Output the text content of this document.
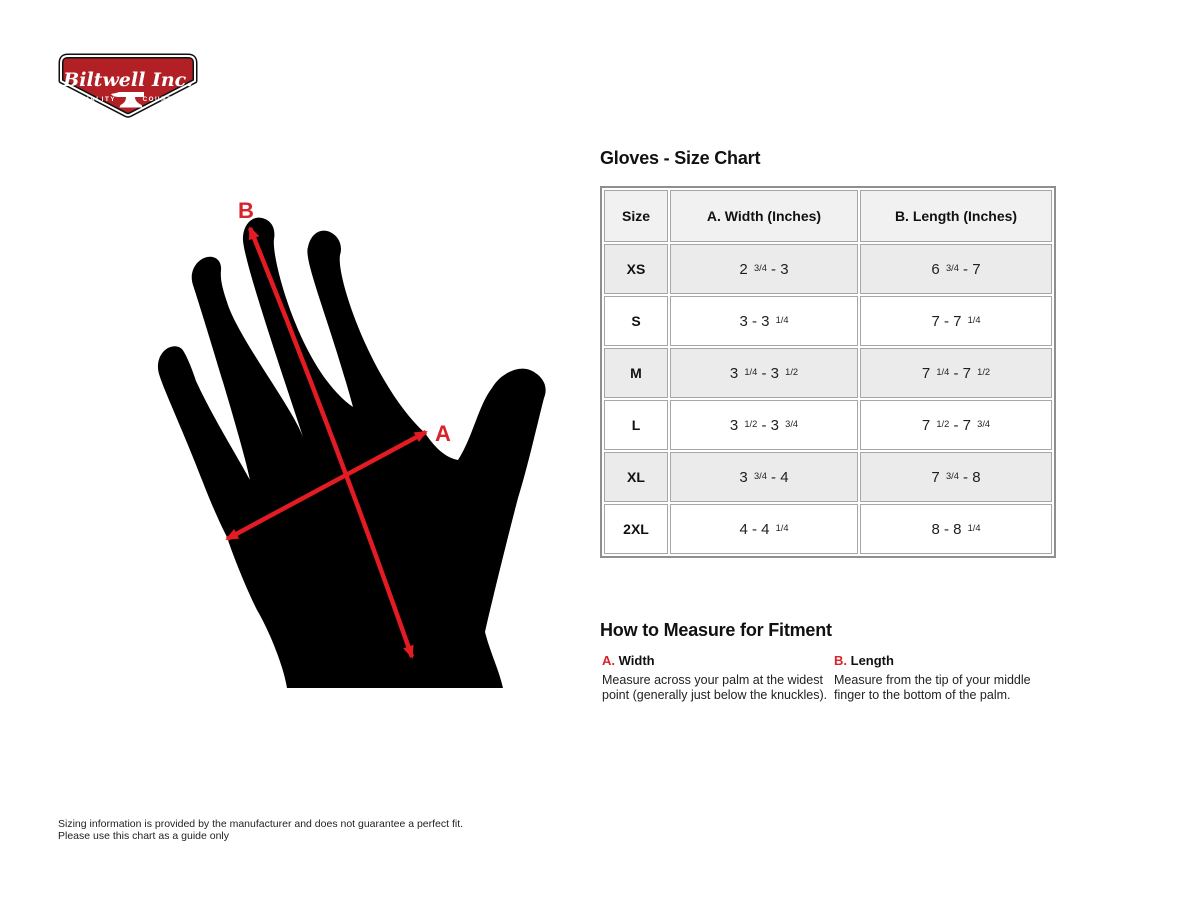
Biltwell Inc.
“QUALITY	COUNTS”
B
A
Gloves - Size Chart
Size	A. Width (Inches)	B. Length (Inches)
XS	2 3/4 - 3	6 3/4 - 7
S	3 - 3 1/4	7 - 7 1/4
M	3 1/4 - 3 1/2	7 1/4 - 7 1/2
L	3 1/2 - 3 3/4	7 1/2 - 7 3/4
XL	3 3/4 - 4	7 3/4 - 8
2XL	4 - 4 1/4	8 - 8 1/4
How to Measure for Fitment
A. Width
Measure across your palm at the widest point (generally just below the knuckles).
B. Length
Measure from the tip of your middle finger to the bottom of the palm.
Sizing information is provided by the manufacturer and does not guarantee a perfect fit.
Please use this chart as a guide only
